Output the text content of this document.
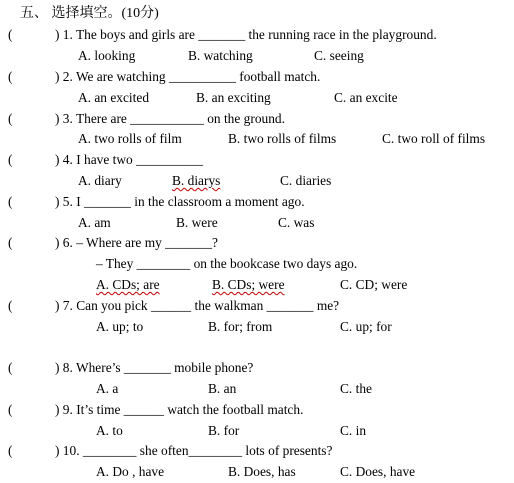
五、 选择填空。(10分)
(	) 1. The boys and girls are _______ the running race in the playground.
A. looking	B. watching	C. seeing
(	) 2. We are watching __________ football match.
A. an excited	B. an exciting	C. an excite
(	) 3. There are ___________ on the ground.
A. two rolls of film	B. two rolls of films	C. two roll of films
(	) 4. I have two __________
A. diary	B. diarys	C. diaries
(	) 5. I _______ in the classroom a moment ago.
A. am	B. were	C. was
(	) 6. – Where are my _______?
– They ________ on the bookcase two days ago.
A. CDs; are	B. CDs; were	C. CD; were
(	) 7. Can you pick ______ the walkman _______ me?
A. up; to	B. for; from	C. up; for
(	) 8. Where’s _______ mobile phone?
A. a	B. an	C. the
(	) 9. It’s time ______ watch the football match.
A. to	B. for	C. in
(	) 10. ________ she often________ lots of presents?
A. Do , have	B. Does, has	C. Does, have
